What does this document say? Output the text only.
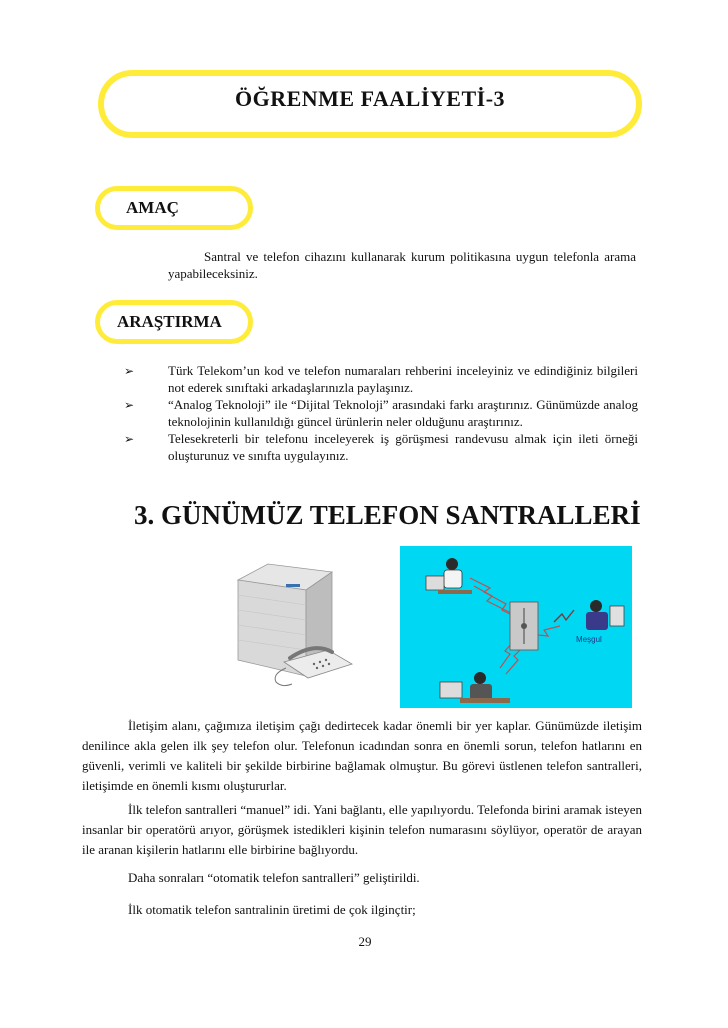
ÖĞRENME FAALİYETİ-3
AMAÇ

Santral ve telefon cihazını kullanarak kurum politikasına uygun telefonla arama yapabileceksiniz.

ARAŞTIRMA
➢	Türk Telekom’un kod ve telefon numaraları rehberini inceleyiniz ve edindiğiniz bilgileri not ederek sınıftaki arkadaşlarınızla paylaşınız.
➢	“Analog Teknoloji” ile “Dijital Teknoloji” arasındaki farkı araştırınız. Günümüzde analog teknolojinin kullanıldığı güncel ürünlerin neler olduğunu araştırınız.
➢	Telesekreterli bir telefonu inceleyerek iş görüşmesi randevusu almak için ileti örneği oluşturunuz ve sınıfta uygulayınız.
3. GÜNÜMÜZ TELEFON SANTRALLERİ
Meşgul

İletişim alanı, çağımıza iletişim çağı dedirtecek kadar önemli bir yer kaplar. Günümüzde iletişim denilince akla gelen ilk şey telefon olur. Telefonun icadından sonra en önemli sorun, telefon hatlarını en güvenli, verimli ve kaliteli bir şekilde birbirine bağlamak olmuştur. Bu görevi üstlenen telefon santralleri, iletişimde en önemli kısmı oluştururlar.

İlk telefon santralleri “manuel” idi. Yani bağlantı, elle yapılıyordu. Telefonda birini aramak isteyen insanlar bir operatörü arıyor, görüşmek istedikleri kişinin telefon numarasını söylüyor, operatör de arayan ile aranan kişilerin hatlarını elle birbirine bağlıyordu.

Daha sonraları “otomatik telefon santralleri” geliştirildi.

İlk otomatik telefon santralinin üretimi de çok ilginçtir;

29
